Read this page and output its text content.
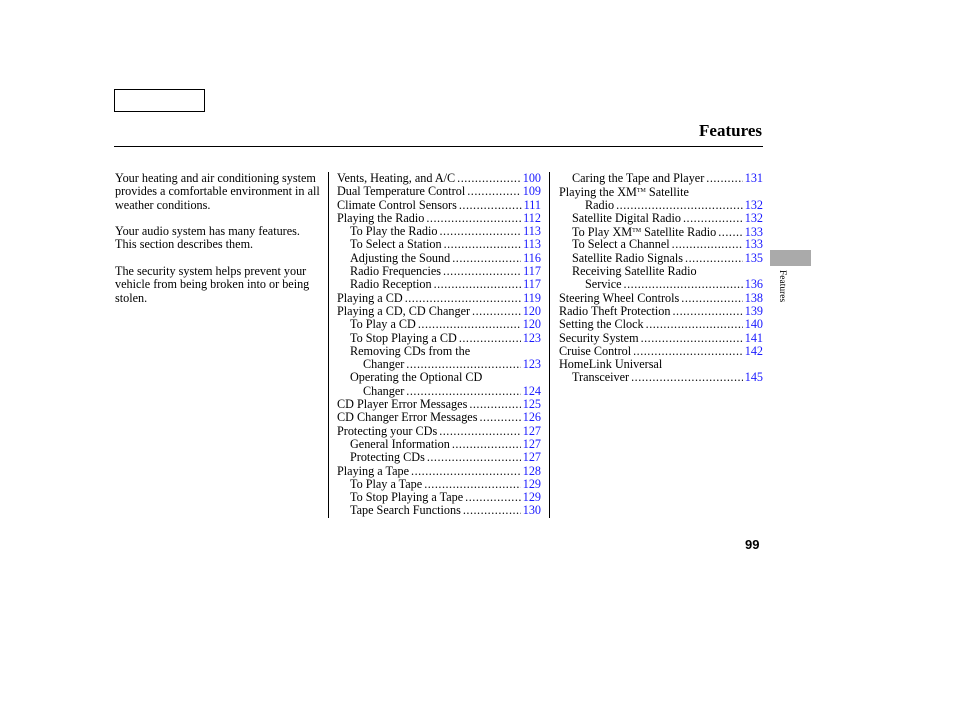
Features

Your heating and air conditioning system provides a comfortable environment in all weather conditions.

Your audio system has many features. This section describes them.

The security system helps prevent your vehicle from being broken into or being stolen.

Vents, Heating, and A/C .....	100
Dual Temperature Control .....	109
Climate Control Sensors .....	111
Playing the Radio .....	112
To Play the Radio .....	113
To Select a Station .....	113
Adjusting the Sound .....	116
Radio Frequencies .....	117
Radio Reception .....	117
Playing a CD .....	119
Playing a CD, CD Changer .....	120
To Play a CD .....	120
To Stop Playing a CD .....	123
Removing CDs from the
Changer .....	123
Operating the Optional CD
Changer .....	124
CD Player Error Messages .....	125
CD Changer Error Messages .....	126
Protecting your CDs .....	127
General Information .....	127
Protecting CDs .....	127
Playing a Tape .....	128
To Play a Tape .....	129
To Stop Playing a Tape .....	129
Tape Search Functions .....	130
Caring the Tape and Player .....	131
Playing the XM™ Satellite
Radio .....	132
Satellite Digital Radio .....	132
To Play XM™ Satellite Radio ..... 133
To Select a Channel .....	133
Satellite Radio Signals .....	135
Receiving Satellite Radio
Service .....	136
Steering Wheel Controls .....	138
Radio Theft Protection .....	139
Setting the Clock .....	140
Security System .....	141
Cruise Control .....	142
HomeLink Universal
Transceiver .....	145
Features
99
